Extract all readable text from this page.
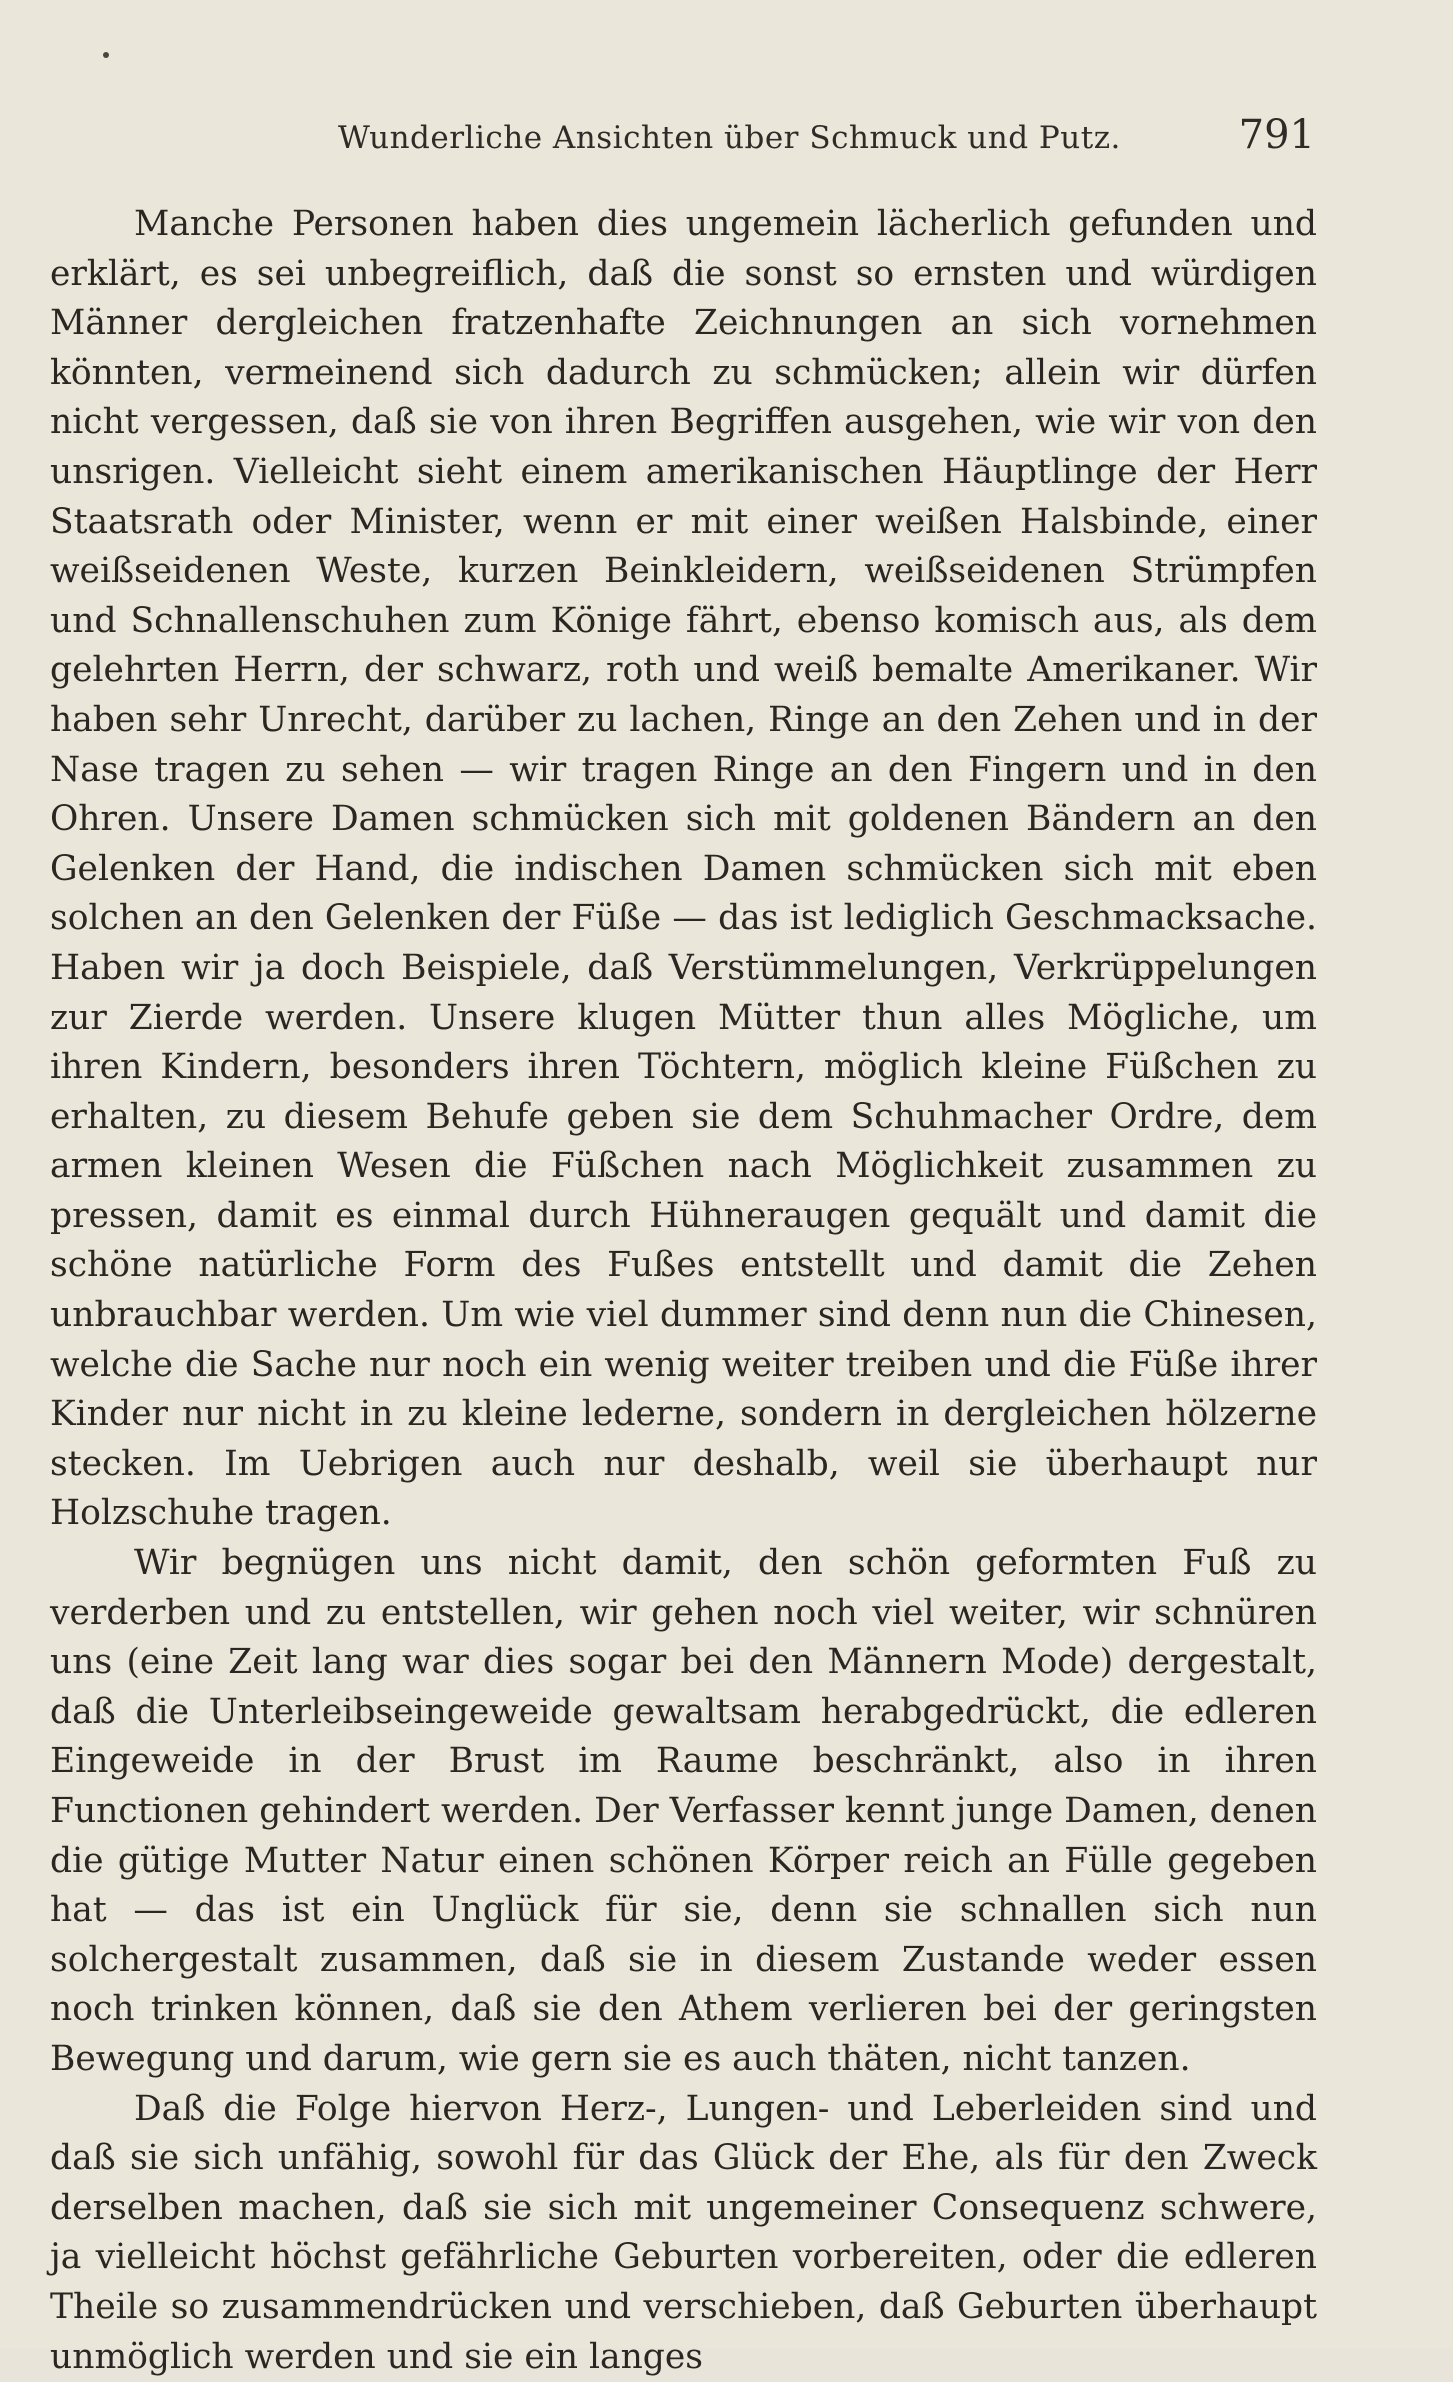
Wunderliche Ansichten über Schmuck und Putz.	791

Manche Personen haben dies ungemein lächerlich gefunden und erklärt, es sei unbegreiflich, daß die sonst so ernsten und würdigen Männer dergleichen fratzenhafte Zeichnungen an sich vornehmen könnten, vermeinend sich dadurch zu schmücken; allein wir dürfen nicht vergessen, daß sie von ihren Begriffen ausgehen, wie wir von den unsrigen. Vielleicht sieht einem amerikanischen Häuptlinge der Herr Staatsrath oder Minister, wenn er mit einer weißen Halsbinde, einer weißseidenen Weste, kurzen Beinkleidern, weißseidenen Strümpfen und Schnallenschuhen zum Könige fährt, ebenso komisch aus, als dem gelehrten Herrn, der schwarz, roth und weiß bemalte Amerikaner. Wir haben sehr Unrecht, darüber zu lachen, Ringe an den Zehen und in der Nase tragen zu sehen — wir tragen Ringe an den Fingern und in den Ohren. Unsere Damen schmücken sich mit goldenen Bändern an den Gelenken der Hand, die indischen Damen schmücken sich mit eben solchen an den Gelenken der Füße — das ist lediglich Geschmacksache. Haben wir ja doch Beispiele, daß Verstümmelungen, Verkrüppelungen zur Zierde werden. Unsere klugen Mütter thun alles Mögliche, um ihren Kindern, besonders ihren Töchtern, möglich kleine Füßchen zu erhalten, zu diesem Behufe geben sie dem Schuhmacher Ordre, dem armen kleinen Wesen die Füßchen nach Möglichkeit zusammen zu pressen, damit es einmal durch Hühneraugen gequält und damit die schöne natürliche Form des Fußes entstellt und damit die Zehen unbrauchbar werden. Um wie viel dummer sind denn nun die Chinesen, welche die Sache nur noch ein wenig weiter treiben und die Füße ihrer Kinder nur nicht in zu kleine lederne, sondern in dergleichen hölzerne stecken. Im Uebrigen auch nur deshalb, weil sie überhaupt nur Holzschuhe tragen.

Wir begnügen uns nicht damit, den schön geformten Fuß zu verderben und zu entstellen, wir gehen noch viel weiter, wir schnüren uns (eine Zeit lang war dies sogar bei den Männern Mode) dergestalt, daß die Unterleibseingeweide gewaltsam herabgedrückt, die edleren Eingeweide in der Brust im Raume beschränkt, also in ihren Functionen gehindert werden. Der Verfasser kennt junge Damen, denen die gütige Mutter Natur einen schönen Körper reich an Fülle gegeben hat — das ist ein Unglück für sie, denn sie schnallen sich nun solchergestalt zusammen, daß sie in diesem Zustande weder essen noch trinken können, daß sie den Athem verlieren bei der geringsten Bewegung und darum, wie gern sie es auch thäten, nicht tanzen.

Daß die Folge hiervon Herz-, Lungen- und Leberleiden sind und daß sie sich unfähig, sowohl für das Glück der Ehe, als für den Zweck derselben machen, daß sie sich mit ungemeiner Consequenz schwere, ja vielleicht höchst gefährliche Geburten vorbereiten, oder die edleren Theile so zusammendrücken und verschieben, daß Geburten überhaupt unmöglich werden und sie ein langes
